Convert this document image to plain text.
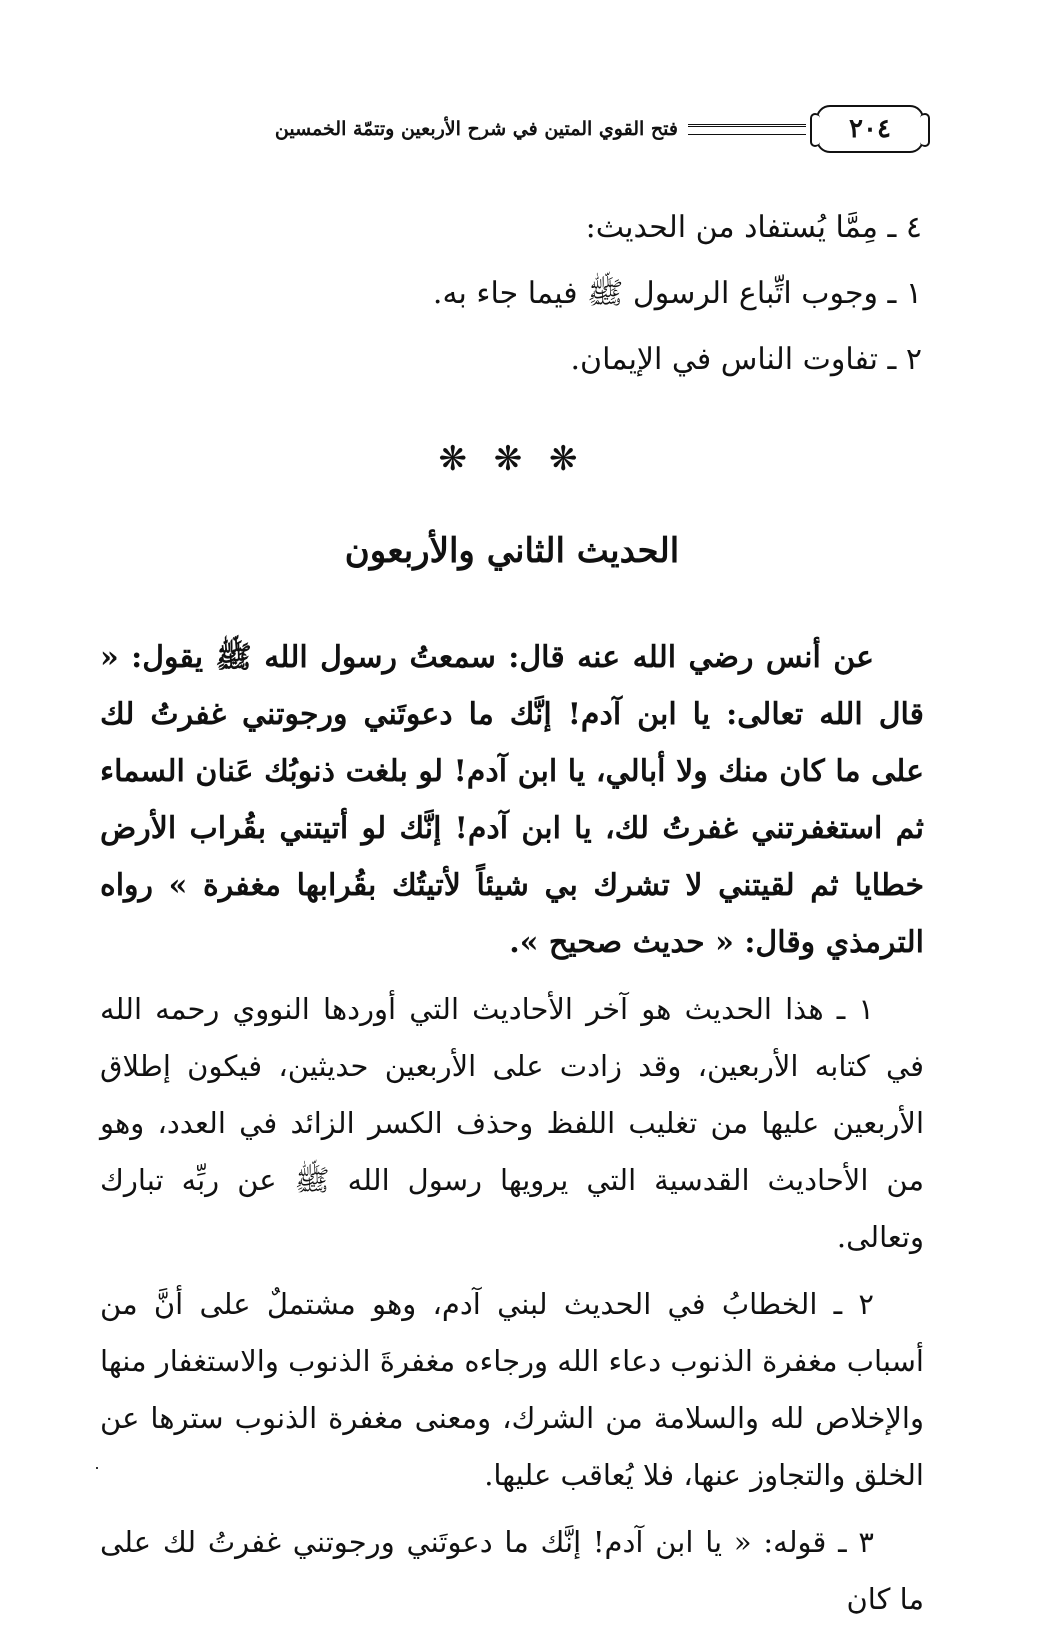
٢٠٤
فتح القوي المتين في شرح الأربعين وتتمّة الخمسين

٤ ـ مِمَّا يُستفاد من الحديث:

١ ـ وجوب اتِّباع الرسول ﷺ فيما جاء به.

٢ ـ تفاوت الناس في الإيمان.

❋ ❋ ❋
الحديث الثاني والأربعون

عن أنس رضي الله عنه قال: سمعتُ رسول الله ﷺ يقول: « قال الله تعالى: يا ابن آدم! إنَّك ما دعوتَني ورجوتني غفرتُ لك على ما كان منك ولا أبالي، يا ابن آدم! لو بلغت ذنوبُك عَنان السماء ثم استغفرتني غفرتُ لك، يا ابن آدم! إنَّك لو أتيتني بقُراب الأرض خطايا ثم لقيتني لا تشرك بي شيئاً لأتيتُك بقُرابها مغفرة » رواه الترمذي وقال: « حديث صحيح ».

١ ـ هذا الحديث هو آخر الأحاديث التي أوردها النووي رحمه الله في كتابه الأربعين، وقد زادت على الأربعين حديثين، فيكون إطلاق الأربعين عليها من تغليب اللفظ وحذف الكسر الزائد في العدد، وهو من الأحاديث القدسية التي يرويها رسول الله ﷺ عن ربِّه تبارك وتعالى.

٢ ـ الخطابُ في الحديث لبني آدم، وهو مشتملٌ على أنَّ من أسباب مغفرة الذنوب دعاء الله ورجاءه مغفرةَ الذنوب والاستغفار منها والإخلاص لله والسلامة من الشرك، ومعنى مغفرة الذنوب سترها عن الخلق والتجاوز عنها، فلا يُعاقب عليها.

٣ ـ قوله: « يا ابن آدم! إنَّك ما دعوتَني ورجوتني غفرتُ لك على ما كان
